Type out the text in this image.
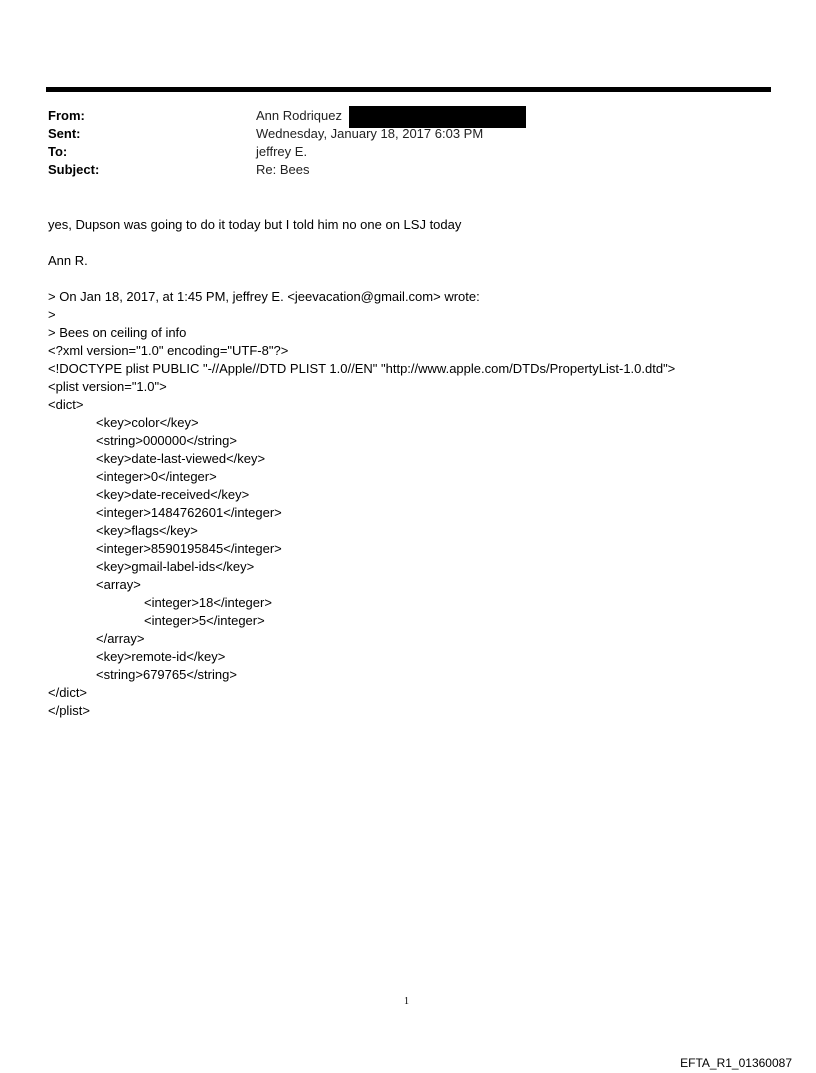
From:	Ann Rodriquez
Sent:	Wednesday, January 18, 2017 6:03 PM
To:	jeffrey E.
Subject:	Re: Bees
yes, Dupson was going to do it today but I told him no one on LSJ today
Ann R.
> On Jan 18, 2017, at 1:45 PM, jeffrey E. <jeevacation@gmail.com> wrote:
>
> Bees on ceiling of info
<?xml version="1.0" encoding="UTF-8"?>
<!DOCTYPE plist PUBLIC "-//Apple//DTD PLIST 1.0//EN" "http://www.apple.com/DTDs/PropertyList-1.0.dtd">
<plist version="1.0">
<dict>
<key>color</key>
<string>000000</string>
<key>date-last-viewed</key>
<integer>0</integer>
<key>date-received</key>
<integer>1484762601</integer>
<key>flags</key>
<integer>8590195845</integer>
<key>gmail-label-ids</key>
<array>
<integer>18</integer>
<integer>5</integer>
</array>
<key>remote-id</key>
<string>679765</string>
</dict>
</plist>
1
EFTA_R1_01360087
